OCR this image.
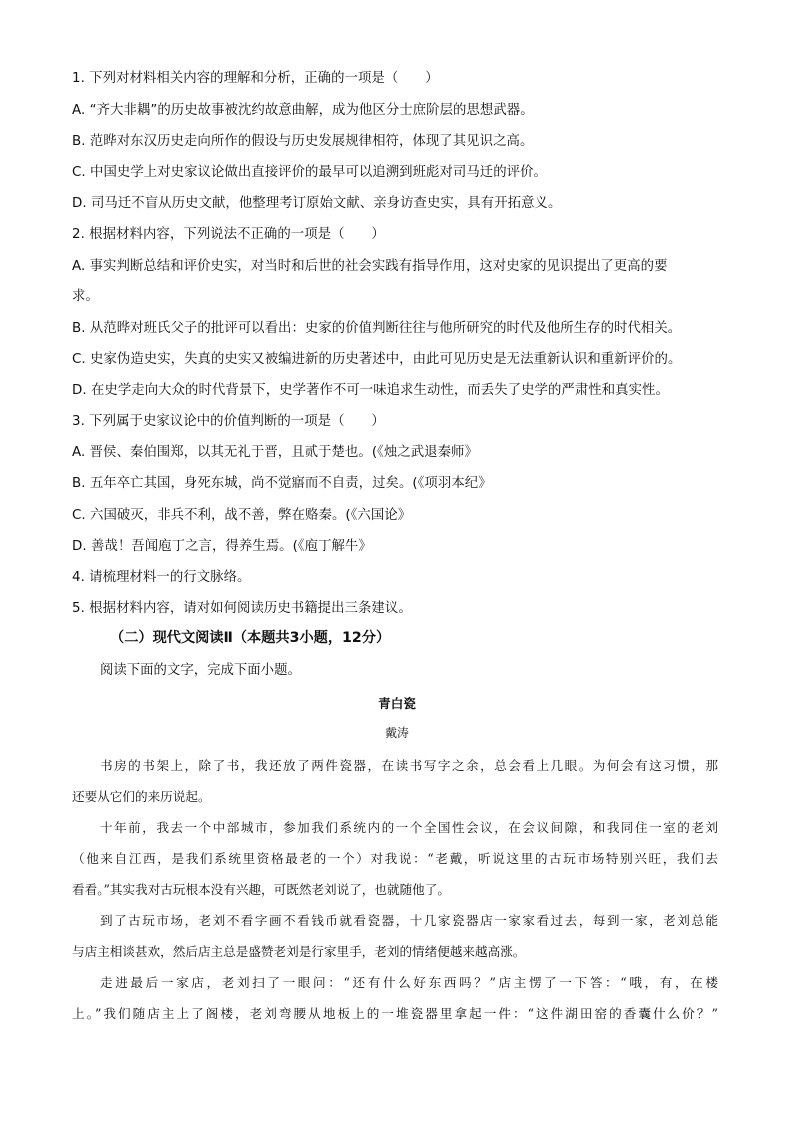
1. 下列对材料相关内容的理解和分析，正确的一项是（　　）
A. “齐大非耦”的历史故事被沈约故意曲解，成为他区分士庶阶层的思想武器。
B. 范晔对东汉历史走向所作的假设与历史发展规律相符，体现了其见识之高。
C. 中国史学上对史家议论做出直接评价的最早可以追溯到班彪对司马迁的评价。
D. 司马迁不盲从历史文献，他整理考订原始文献、亲身访查史实，具有开拓意义。
2. 根据材料内容，下列说法不正确的一项是（　　）
A. 事实判断总结和评价史实，对当时和后世的社会实践有指导作用，这对史家的见识提出了更高的要
求。
B. 从范晔对班氏父子的批评可以看出：史家的价值判断往往与他所研究的时代及他所生存的时代相关。
C. 史家伪造史实，失真的史实又被编进新的历史著述中，由此可见历史是无法重新认识和重新评价的。
D. 在史学走向大众的时代背景下，史学著作不可一味追求生动性，而丢失了史学的严肃性和真实性。
3. 下列属于史家议论中的价值判断的一项是（　　）
A. 晋侯、秦伯围郑，以其无礼于晋，且贰于楚也。(《烛之武退秦师》
B. 五年卒亡其国，身死东城，尚不觉寤而不自责，过矣。(《项羽本纪》
C. 六国破灭，非兵不利，战不善，弊在赂秦。(《六国论》
D. 善哉！吾闻庖丁之言，得养生焉。(《庖丁解牛》
4. 请梳理材料一的行文脉络。
5. 根据材料内容，请对如何阅读历史书籍提出三条建议。
（二）现代文阅读Ⅱ（本题共3小题，12分）
阅读下面的文字，完成下面小题。
青白瓷
戴涛
书房的书架上，除了书，我还放了两件瓷器，在读书写字之余，总会看上几眼。为何会有这习惯，那
还要从它们的来历说起。
十年前，我去一个中部城市，参加我们系统内的一个全国性会议，在会议间隙，和我同住一室的老刘
（他来自江西，是我们系统里资格最老的一个）对我说：“老戴，听说这里的古玩市场特别兴旺，我们去
看看。”其实我对古玩根本没有兴趣，可既然老刘说了，也就随他了。
到了古玩市场，老刘不看字画不看钱币就看瓷器，十几家瓷器店一家家看过去，每到一家，老刘总能
与店主相谈甚欢，然后店主总是盛赞老刘是行家里手，老刘的情绪便越来越高涨。
走进最后一家店，老刘扫了一眼问：“还有什么好东西吗？”店主愣了一下答：“哦，有，在楼
上。”我们随店主上了阁楼，老刘弯腰从地板上的一堆瓷器里拿起一件：“这件湖田窑的香囊什么价？”
